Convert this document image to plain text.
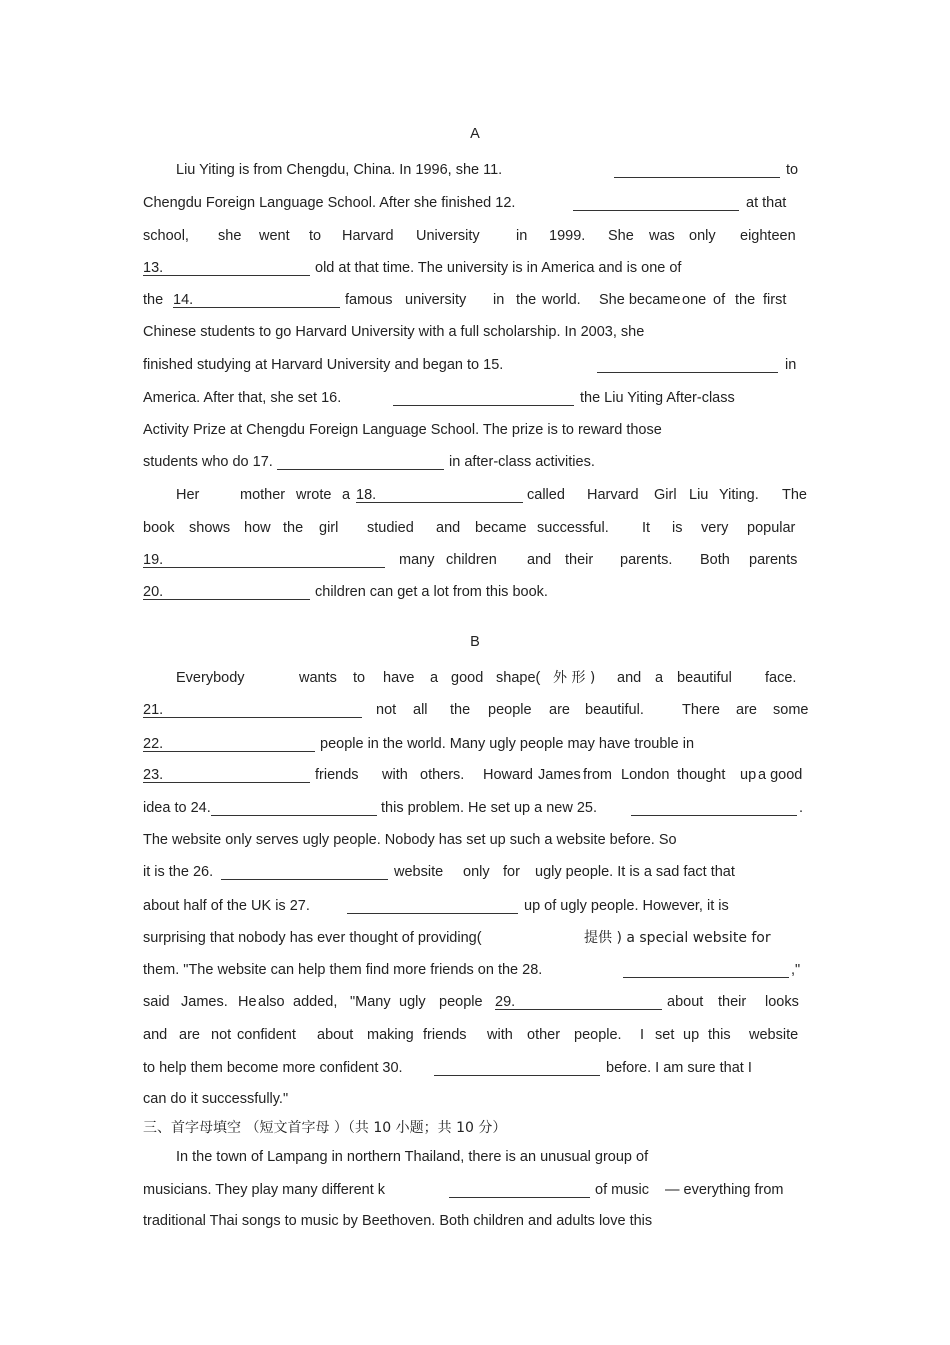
A
Liu Yiting is from Chengdu, China. In 1996, she 11.	to
Chengdu Foreign Language School. After she finished 12.	at that
school, she went to Harvard University	in 1999. She was only eighteen
13.	old at that time. The university is in America and is one of
the 14.	famous university in the world. She became one of the first
Chinese students to go Harvard University with a full scholarship. In 2003, she
finished studying at Harvard University and began to 15.	in
America. After that, she set 16.	the Liu Yiting After-class
Activity Prize at Chengdu Foreign Language School. The prize is to reward those
students who do 17.	in after-class activities.
Her	mother wrote a 18.	called Harvard Girl Liu Yiting. The
book shows how the girl studied and became successful. It is very popular
19.	many children and their parents. Both parents
20.	children can get a lot from this book.
B
Everybody	wants to have a good shape( 外 形 ) and a beautiful face.
21.	not all the people are beautiful.	There are some
22.	people in the world. Many ugly people may have trouble in
23.	friends with others. Howard James from London thought up a good
idea to 24.	this problem. He set up a new 25.	.
The website only serves ugly people. Nobody has set up such a website before. So
it is the 26.	website only for ugly people. It is a sad fact that
about half of the UK is 27.	up of ugly people. However, it is
surprising that nobody has ever thought of providing(	提供 ) a special website for
them. "The website can help them find more friends on the 28.	,"
said James. He also added, "Many ugly people 29.	about their looks
and are not confident about making friends with other people. I set up this website
to help them become more confident 30.	before. I am sure that I
can do it successfully."
三、首字母填空 （短文首字母 ）（共 10 小题；共 10 分）
In the town of Lampang in northern Thailand, there is an unusual group of
musicians. They play many different k	of music — everything from
traditional Thai songs to music by Beethoven. Both children and adults love this
